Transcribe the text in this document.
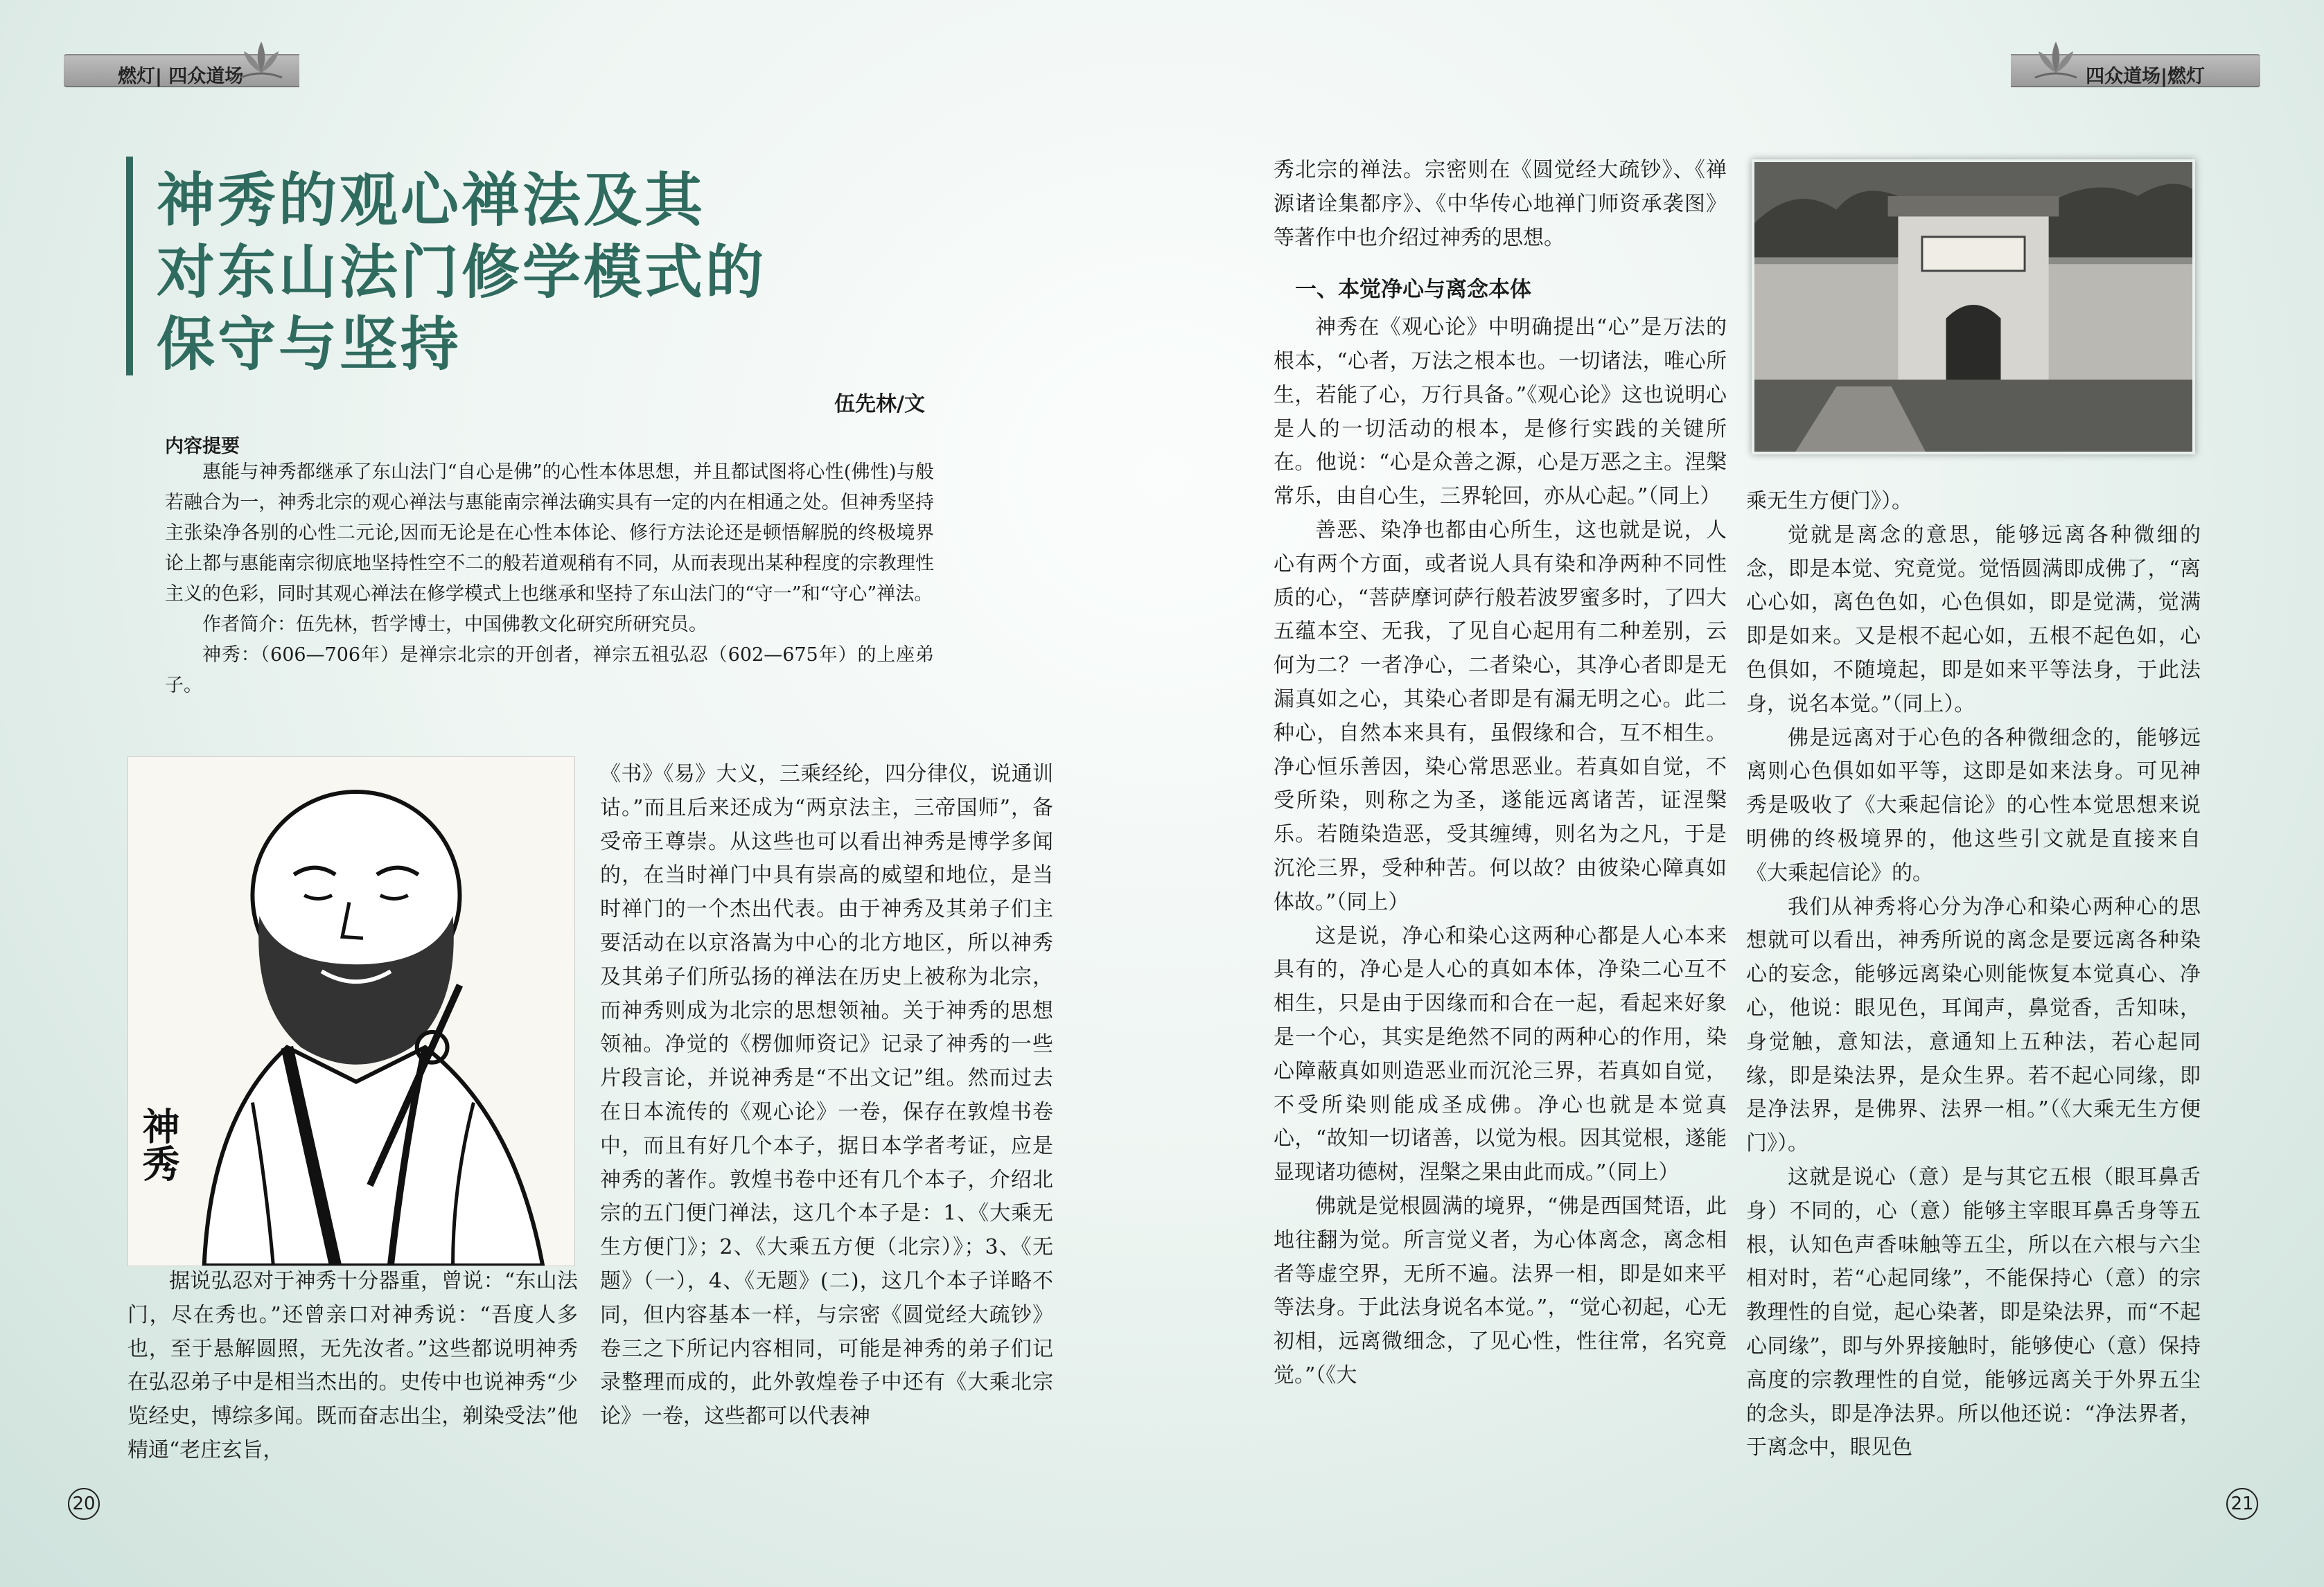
燃灯| 四众道场
神秀的观心禅法及其
对东山法门修学模式的
保守与坚持
伍先林/文
内容提要

惠能与神秀都继承了东山法门“自心是佛”的心性本体思想，并且都试图将心性(佛性)与般若融合为一，神秀北宗的观心禅法与惠能南宗禅法确实具有一定的内在相通之处。但神秀坚持主张染净各别的心性二元论,因而无论是在心性本体论、修行方法论还是顿悟解脱的终极境界论上都与惠能南宗彻底地坚持性空不二的般若道观稍有不同，从而表现出某种程度的宗教理性主义的色彩，同时其观心禅法在修学模式上也继承和坚持了东山法门的“守一”和“守心”禅法。

作者简介：伍先林，哲学博士，中国佛教文化研究所研究员。

神秀：（606—706年）是禅宗北宗的开创者，禅宗五祖弘忍（602—675年）的上座弟子。

神秀

据说弘忍对于神秀十分器重，曾说：“东山法门，尽在秀也。”还曾亲口对神秀说：“吾度人多也，至于悬解圆照，无先汝者。”这些都说明神秀在弘忍弟子中是相当杰出的。史传中也说神秀“少览经史，博综多闻。既而奋志出尘，剃染受法”他精通“老庄玄旨，

《书》《易》大义，三乘经纶，四分律仪，说通训诂。”而且后来还成为“两京法主，三帝国师”，备受帝王尊崇。从这些也可以看出神秀是博学多闻的，在当时禅门中具有崇高的威望和地位，是当时禅门的一个杰出代表。由于神秀及其弟子们主要活动在以京洛嵩为中心的北方地区，所以神秀及其弟子们所弘扬的禅法在历史上被称为北宗，而神秀则成为北宗的思想领袖。关于神秀的思想领袖。净觉的《楞伽师资记》记录了神秀的一些片段言论，并说神秀是“不出文记”组。然而过去在日本流传的《观心论》一卷，保存在敦煌书卷中，而且有好几个本子，据日本学者考证，应是神秀的著作。敦煌书卷中还有几个本子，介绍北宗的五门便门禅法，这几个本子是：1、《大乘无生方便门》；2、《大乘五方便（北宗）》；3、《无题》（一），4、《无题》(二)，这几个本子详略不同，但内容基本一样，与宗密《圆觉经大疏钞》卷三之下所记内容相同，可能是神秀的弟子们记录整理而成的，此外敦煌卷子中还有《大乘北宗论》一卷，这些都可以代表神

20	21
四众道场|燃灯

秀北宗的禅法。宗密则在《圆觉经大疏钞》、《禅源诸诠集都序》、《中华传心地禅门师资承袭图》等著作中也介绍过神秀的思想。

一、本觉净心与离念本体

神秀在《观心论》中明确提出“心”是万法的根本，“心者，万法之根本也。一切诸法，唯心所生，若能了心，万行具备。”《观心论》这也说明心是人的一切活动的根本，是修行实践的关键所在。他说：“心是众善之源，心是万恶之主。涅槃常乐，由自心生，三界轮回，亦从心起。”（同上）

善恶、染净也都由心所生，这也就是说，人心有两个方面，或者说人具有染和净两种不同性质的心，“菩萨摩诃萨行般若波罗蜜多时，了四大五蕴本空、无我，了见自心起用有二种差别，云何为二？一者净心，二者染心，其净心者即是无漏真如之心，其染心者即是有漏无明之心。此二种心，自然本来具有，虽假缘和合，互不相生。净心恒乐善因，染心常思恶业。若真如自觉，不受所染，则称之为圣，遂能远离诸苦，证涅槃乐。若随染造恶，受其缠缚，则名为之凡，于是沉沦三界，受种种苦。何以故？由彼染心障真如体故。”（同上）

这是说，净心和染心这两种心都是人心本来具有的，净心是人心的真如本体，净染二心互不相生，只是由于因缘而和合在一起，看起来好象是一个心，其实是绝然不同的两种心的作用，染心障蔽真如则造恶业而沉沦三界，若真如自觉，不受所染则能成圣成佛。净心也就是本觉真心，“故知一切诸善，以觉为根。因其觉根，遂能显现诸功德树，涅槃之果由此而成。”（同上）

佛就是觉根圆满的境界，“佛是西国梵语，此地往翻为觉。所言觉义者，为心体离念，离念相者等虚空界，无所不遍。法界一相，即是如来平等法身。于此法身说名本觉。”，“觉心初起，心无初相，远离微细念，了见心性，性往常，名究竟觉。”（《大

乘无生方便门》）。

觉就是离念的意思，能够远离各种微细的念，即是本觉、究竟觉。觉悟圆满即成佛了，“离心心如，离色色如，心色俱如，即是觉满，觉满即是如来。又是根不起心如，五根不起色如，心色俱如，不随境起，即是如来平等法身，于此法身，说名本觉。”（同上）。

佛是远离对于心色的各种微细念的，能够远离则心色俱如如平等，这即是如来法身。可见神秀是吸收了《大乘起信论》的心性本觉思想来说明佛的终极境界的，他这些引文就是直接来自《大乘起信论》的。

我们从神秀将心分为净心和染心两种心的思想就可以看出，神秀所说的离念是要远离各种染心的妄念，能够远离染心则能恢复本觉真心、净心，他说：眼见色，耳闻声，鼻觉香，舌知味，身觉触，意知法，意通知上五种法，若心起同缘，即是染法界，是众生界。若不起心同缘，即是净法界，是佛界、法界一相。”（《大乘无生方便门》）。

这就是说心（意）是与其它五根（眼耳鼻舌身）不同的，心（意）能够主宰眼耳鼻舌身等五根，认知色声香味触等五尘，所以在六根与六尘相对时，若“心起同缘”，不能保持心（意）的宗教理性的自觉，起心染著，即是染法界，而“不起心同缘”，即与外界接触时，能够使心（意）保持高度的宗教理性的自觉，能够远离关于外界五尘的念头，即是净法界。所以他还说：“净法界者，于离念中，眼见色
